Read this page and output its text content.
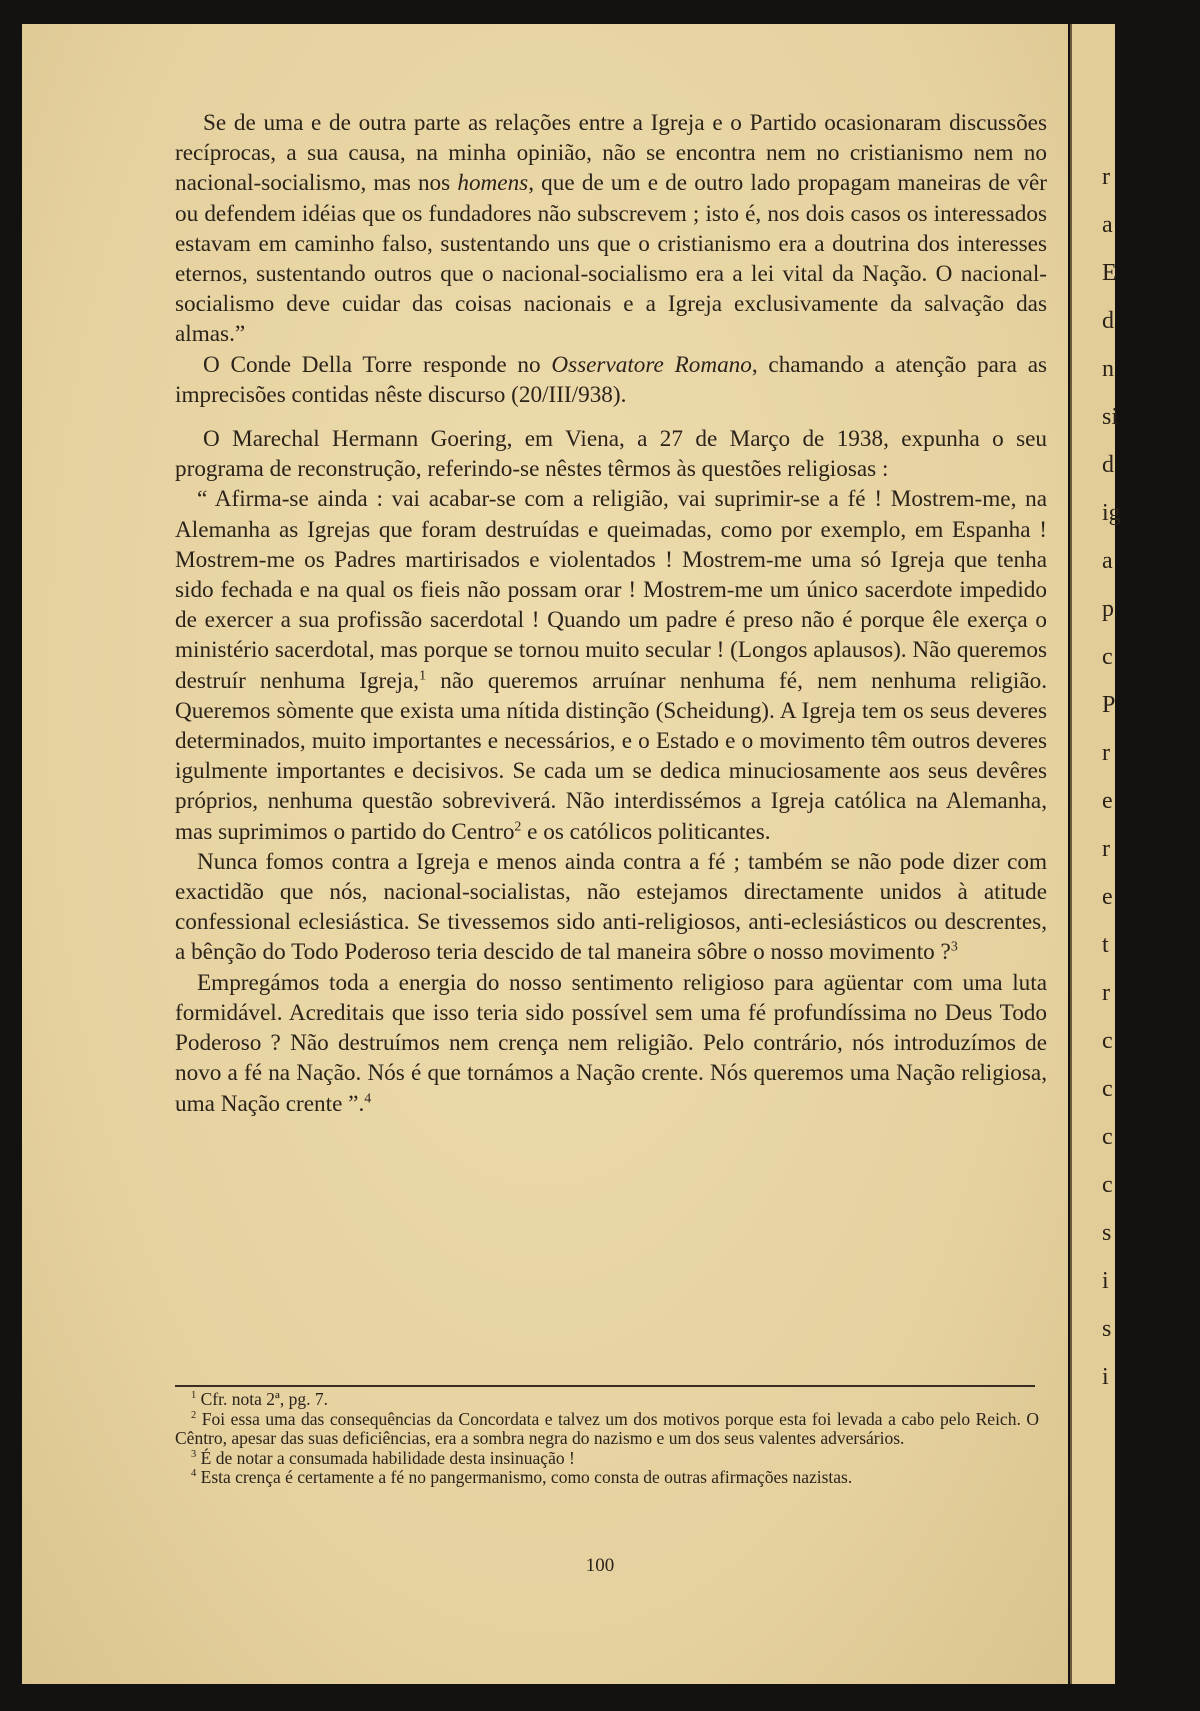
r
a
E
d
n
si
d
ig
a
p
c
P
r
e
r
e
t
r
c
c
c
c
s
i
s
i

Se de uma e de outra parte as relações entre a Igreja e o Partido ocasionaram discussões recíprocas, a sua causa, na minha opinião, não se encontra nem no cristianismo nem no nacional-socialismo, mas nos homens, que de um e de outro lado propagam maneiras de vêr ou defendem idéias que os fundadores não subscrevem ; isto é, nos dois casos os interessados estavam em caminho falso, sustentando uns que o cristianismo era a doutrina dos interesses eternos, sustentando outros que o nacional-socialismo era a lei vital da Nação. O nacional-socialismo deve cuidar das coisas nacionais e a Igreja exclusivamente da salvação das almas.”

O Conde Della Torre responde no Osservatore Romano, chamando a atenção para as imprecisões contidas nêste discurso (20/III/938).

O Marechal Hermann Goering, em Viena, a 27 de Março de 1938, expunha o seu programa de reconstrução, referindo-se nêstes têrmos às questões religiosas :

“ Afirma-se ainda : vai acabar-se com a religião, vai suprimir-se a fé ! Mostrem-me, na Alemanha as Igrejas que foram destruídas e queimadas, como por exemplo, em Espanha ! Mostrem-me os Padres martirisados e violentados ! Mostrem-me uma só Igreja que tenha sido fechada e na qual os fieis não possam orar ! Mostrem-me um único sacerdote impedido de exercer a sua profissão sacerdotal ! Quando um padre é preso não é porque êle exerça o ministério sacerdotal, mas porque se tornou muito secular ! (Longos aplausos). Não queremos destruír nenhuma Igreja,$^1$ não queremos arruínar nenhuma fé, nem nenhuma religião. Queremos sòmente que exista uma nítida distinção (Scheidung). A Igreja tem os seus deveres determinados, muito importantes e necessários, e o Estado e o movimento têm outros deveres igulmente importantes e decisivos. Se cada um se dedica minuciosamente aos seus devêres próprios, nenhuma questão sobreviverá. Não interdissémos a Igreja católica na Alemanha, mas suprimimos o partido do Centro$^2$ e os católicos politicantes.

Nunca fomos contra a Igreja e menos ainda contra a fé ; também se não pode dizer com exactidão que nós, nacional-socialistas, não estejamos directamente unidos à atitude confessional eclesiástica. Se tivessemos sido anti-religiosos, anti-eclesiásticos ou descrentes, a bênção do Todo Poderoso teria descido de tal maneira sôbre o nosso movimento ?$^3$

Empregámos toda a energia do nosso sentimento religioso para agüentar com uma luta formidável. Acreditais que isso teria sido possível sem uma fé profundíssima no Deus Todo Poderoso ? Não destruímos nem crença nem religião. Pelo contrário, nós introduzímos de novo a fé na Nação. Nós é que tornámos a Nação crente. Nós queremos uma Nação religiosa, uma Nação crente ”.$^4$

$^1$ Cfr. nota 2ª, pg. 7.

$^2$ Foi essa uma das consequências da Concordata e talvez um dos motivos porque esta foi levada a cabo pelo Reich. O Cêntro, apesar das suas deficiências, era a sombra negra do nazismo e um dos seus valentes adversários.

$^3$ É de notar a consumada habilidade desta insinuação !

$^4$ Esta crença é certamente a fé no pangermanismo, como consta de outras afirmações nazistas.

100
